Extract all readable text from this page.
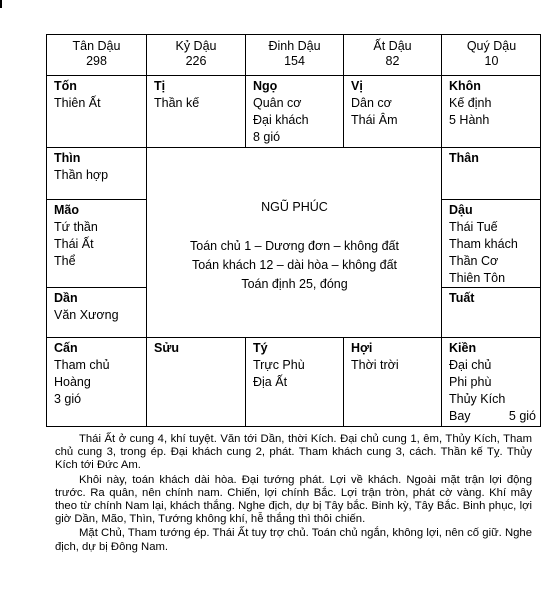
Tân Dậu
298
Kỷ Dậu
226
Đinh Dậu
154
Ất Dậu
82
Quý Dậu
10
Tốn
Thiên Ất
Tị
Thần kế
Ngọ
Quân cơ
Đại khách
8 gió
Vị
Dân cơ
Thái Âm
Khôn
Kế định
5 Hành
Thìn
Thần hợp
Mão
Tứ thần
Thái Ất
Thể
Dần
Văn Xương
NGŨ PHÚC
Toán chủ 1 – Dương đơn – không đất
Toán khách 12 – dài hòa – không đất
Toán định 25, đóng
Thân
Dậu
Thái Tuế
Tham khách
Thần Cơ
Thiên Tôn
Tuất
Cấn
Tham chủ
Hoàng
3 gió
Sửu	Tý
Trực Phù
Địa Ất
Hợi
Thời trời
Kiền
Đại chủ
Phi phù
Thủy Kích
Bay	5 gió

Thái Ất ở cung 4, khí tuyệt. Văn tới Dần, thời Kích. Đại chủ cung 1, êm, Thủy Kích, Tham chủ cung 3, trong ép. Đại khách cung 2, phát. Tham khách cung 3, cách. Thần kế Tỵ. Thủy Kích tới Đức Am.

Khôi này, toán khách dài hòa. Đại tướng phát. Lợi về khách. Ngoài mặt trận lợi động trước. Ra quân, nên chính nam. Chiến, lợi chính Bắc. Lợi trận tròn, phát cờ vàng. Khí mây theo từ chính Nam lại, khách thắng. Nghe địch, dự bị Tây bắc. Binh kỳ, Tây Bắc. Binh phục, lợi giờ Dần, Mão, Thìn, Tướng không khí, hễ thắng thì thôi chiến.

Mặt Chủ, Tham tướng ép. Thái Ất tuy trợ chủ. Toán chủ ngắn, không lợi, nên cố giữ. Nghe địch, dự bị Đông Nam.
